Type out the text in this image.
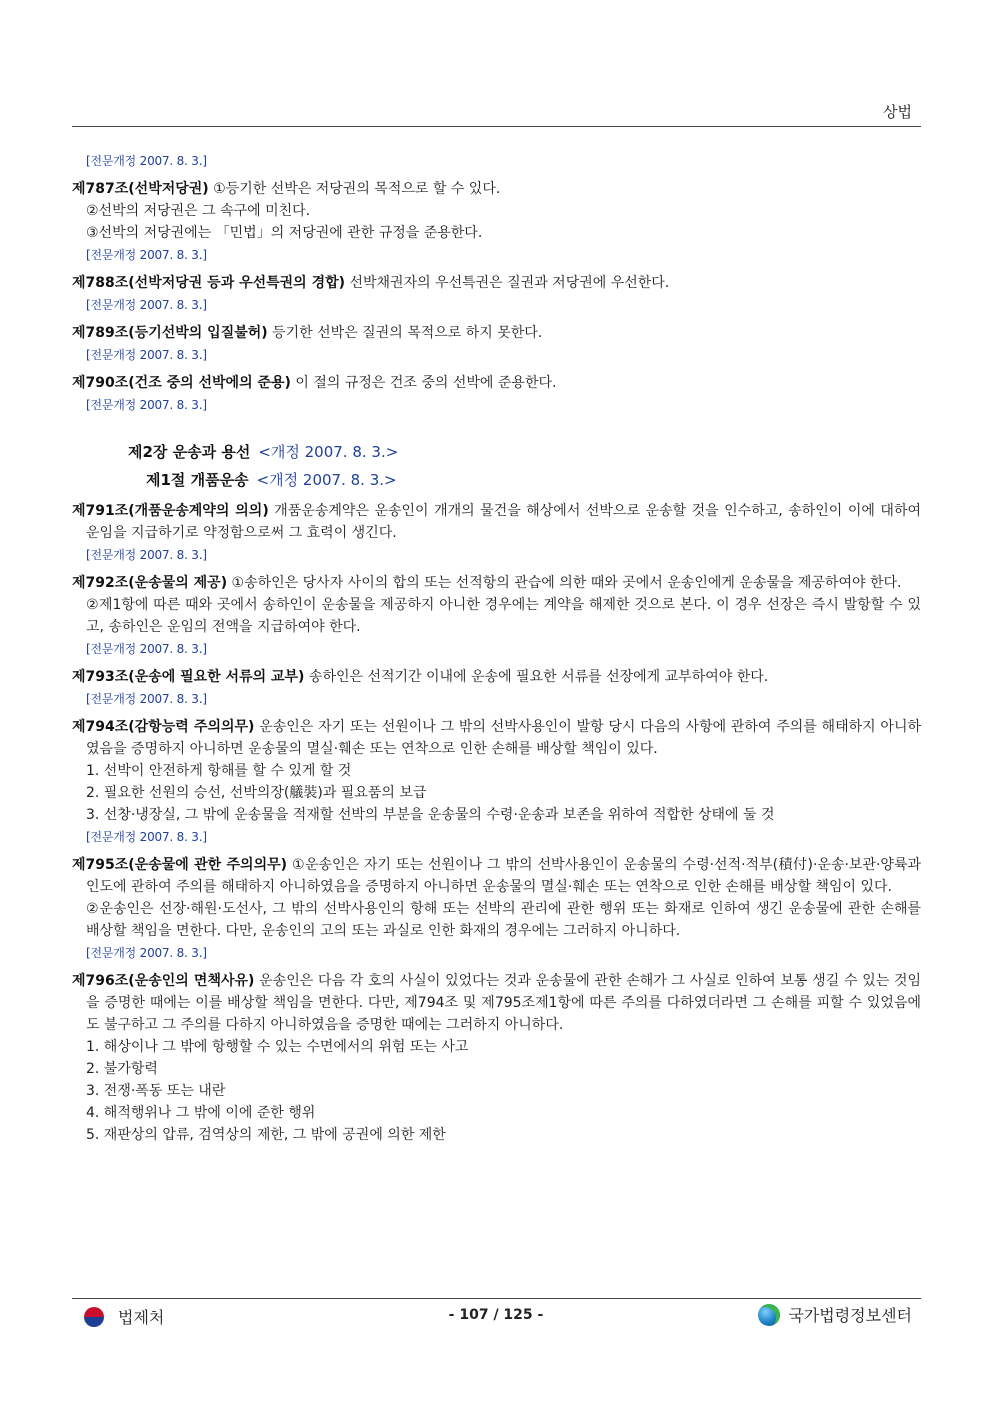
상법
[전문개정 2007. 8. 3.]

제787조(선박저당권) ①등기한 선박은 저당권의 목적으로 할 수 있다.

②선박의 저당권은 그 속구에 미친다.

③선박의 저당권에는 「민법」의 저당권에 관한 규정을 준용한다.

[전문개정 2007. 8. 3.]

제788조(선박저당권 등과 우선특권의 경합) 선박채권자의 우선특권은 질권과 저당권에 우선한다.

[전문개정 2007. 8. 3.]

제789조(등기선박의 입질불허) 등기한 선박은 질권의 목적으로 하지 못한다.

[전문개정 2007. 8. 3.]

제790조(건조 중의 선박에의 준용) 이 절의 규정은 건조 중의 선박에 준용한다.

[전문개정 2007. 8. 3.]
제2장 운송과 용선 <개정 2007. 8. 3.>
제1절 개품운송 <개정 2007. 8. 3.>

제791조(개품운송계약의 의의) 개품운송계약은 운송인이 개개의 물건을 해상에서 선박으로 운송할 것을 인수하고, 송하인이 이에 대하여 운임을 지급하기로 약정함으로써 그 효력이 생긴다.

[전문개정 2007. 8. 3.]

제792조(운송물의 제공) ①송하인은 당사자 사이의 합의 또는 선적항의 관습에 의한 때와 곳에서 운송인에게 운송물을 제공하여야 한다.

②제1항에 따른 때와 곳에서 송하인이 운송물을 제공하지 아니한 경우에는 계약을 해제한 것으로 본다. 이 경우 선장은 즉시 발항할 수 있고, 송하인은 운임의 전액을 지급하여야 한다.

[전문개정 2007. 8. 3.]

제793조(운송에 필요한 서류의 교부) 송하인은 선적기간 이내에 운송에 필요한 서류를 선장에게 교부하여야 한다.

[전문개정 2007. 8. 3.]

제794조(감항능력 주의의무) 운송인은 자기 또는 선원이나 그 밖의 선박사용인이 발항 당시 다음의 사항에 관하여 주의를 해태하지 아니하였음을 증명하지 아니하면 운송물의 멸실·훼손 또는 연착으로 인한 손해를 배상할 책임이 있다.

1. 선박이 안전하게 항해를 할 수 있게 할 것

2. 필요한 선원의 승선, 선박의장(艤裝)과 필요품의 보급

3. 선창·냉장실, 그 밖에 운송물을 적재할 선박의 부분을 운송물의 수령·운송과 보존을 위하여 적합한 상태에 둘 것

[전문개정 2007. 8. 3.]

제795조(운송물에 관한 주의의무) ①운송인은 자기 또는 선원이나 그 밖의 선박사용인이 운송물의 수령·선적·적부(積付)·운송·보관·양륙과 인도에 관하여 주의를 해태하지 아니하였음을 증명하지 아니하면 운송물의 멸실·훼손 또는 연착으로 인한 손해를 배상할 책임이 있다.

②운송인은 선장·해원·도선사, 그 밖의 선박사용인의 항해 또는 선박의 관리에 관한 행위 또는 화재로 인하여 생긴 운송물에 관한 손해를 배상할 책임을 면한다. 다만, 운송인의 고의 또는 과실로 인한 화재의 경우에는 그러하지 아니하다.

[전문개정 2007. 8. 3.]

제796조(운송인의 면책사유) 운송인은 다음 각 호의 사실이 있었다는 것과 운송물에 관한 손해가 그 사실로 인하여 보통 생길 수 있는 것임을 증명한 때에는 이를 배상할 책임을 면한다. 다만, 제794조 및 제795조제1항에 따른 주의를 다하였더라면 그 손해를 피할 수 있었음에도 불구하고 그 주의를 다하지 아니하였음을 증명한 때에는 그러하지 아니하다.

1. 해상이나 그 밖에 항행할 수 있는 수면에서의 위험 또는 사고

2. 불가항력

3. 전쟁·폭동 또는 내란

4. 해적행위나 그 밖에 이에 준한 행위

5. 재판상의 압류, 검역상의 제한, 그 밖에 공권에 의한 제한

법제처	- 107 / 125 -	국가법령정보센터
